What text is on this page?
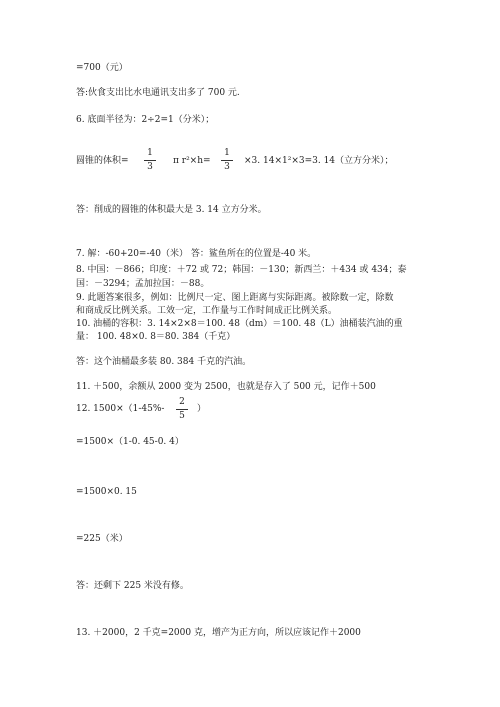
=700（元）
答:伙食支出比水电通讯支出多了 700 元.
6. 底面半径为：2÷2=1（分米）；
圆锥的体积=
1
3
π r²×h=
1
3
×3. 14×1²×3=3. 14（立方分米）；
答：削成的圆锥的体积最大是 3. 14 立方分米。
7. 解：-60+20=-40（米） 答：鲨鱼所在的位置是-40 米。
8. 中国：－866；印度：＋72 或 72；韩国：－130；新西兰：＋434 或 434；泰
国：－3294；孟加拉国：－88。
9. 此题答案很多，例如：比例尺一定、图上距离与实际距离。被除数一定，除数
和商成反比例关系。工效一定，工作量与工作时间成正比例关系。
10. 油桶的容积：3. 14×2×8＝100. 48（dm）＝100. 48（L）油桶装汽油的重
量： 100. 48×0. 8＝80. 384（千克）
答：这个油桶最多装 80. 384 千克的汽油。
11. ＋500，余额从 2000 变为 2500，也就是存入了 500 元，记作＋500
12. 1500×（1-45%-
2
5
）
=1500×（1-0. 45-0. 4）
=1500×0. 15
=225（米）
答：还剩下 225 米没有修。
13. ＋2000，2 千克=2000 克，增产为正方向，所以应该记作＋2000
